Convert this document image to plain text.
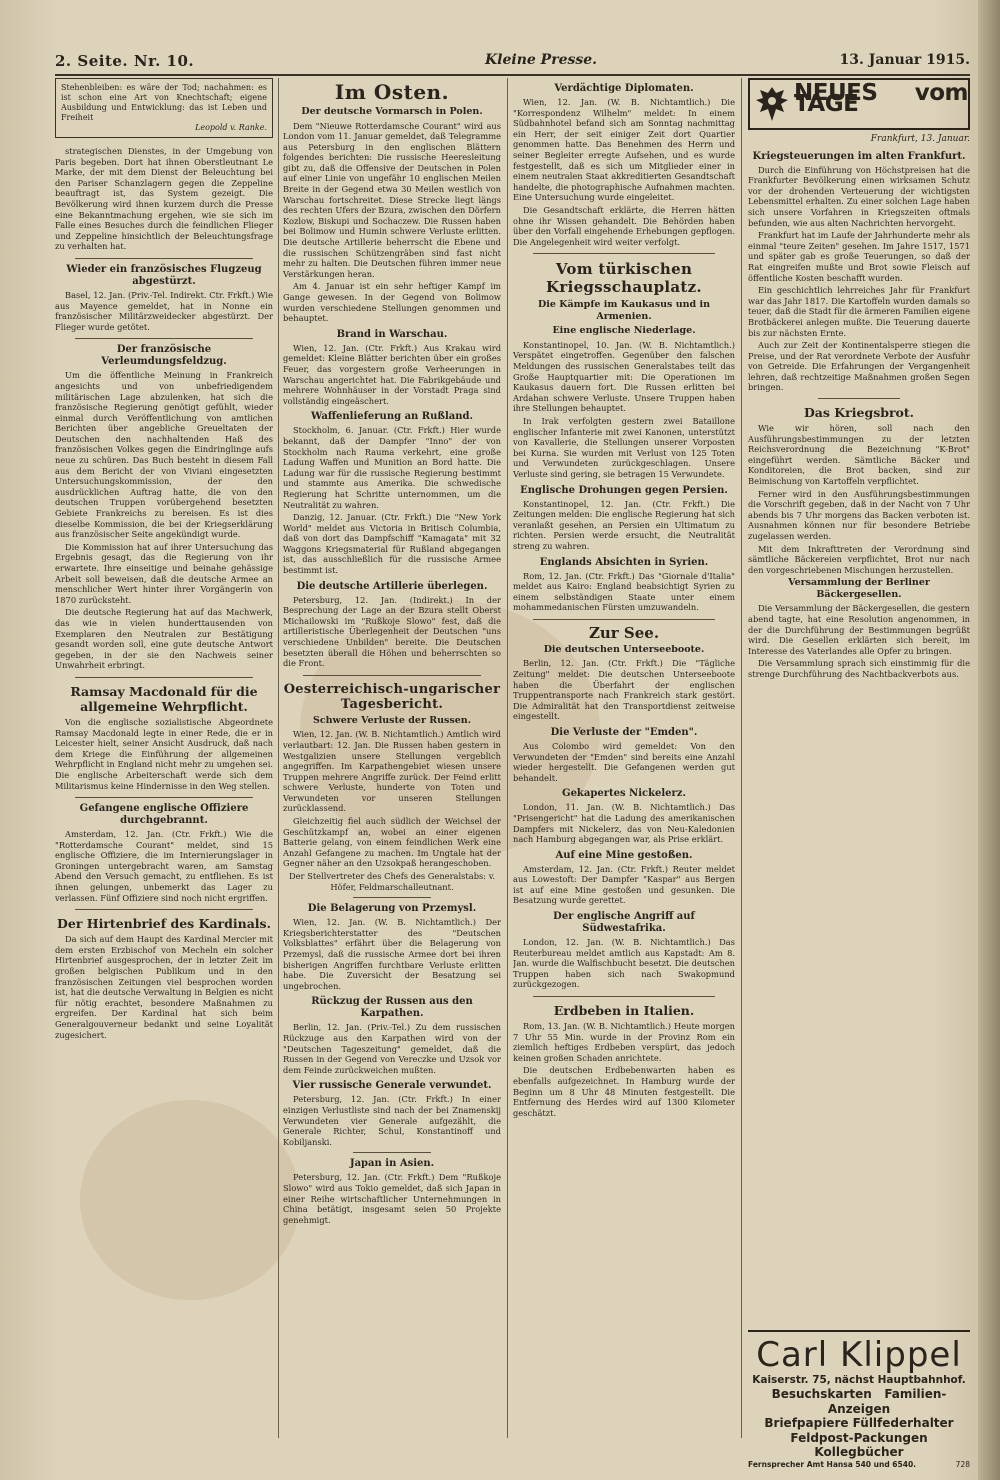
2. Seite. Nr. 10.	Kleine Presse.	13. Januar 1915.
Stehenbleiben: es wäre der Tod; nachahmen: es ist schon eine Art von Knechtschaft; eigene Ausbildung und Entwicklung: das ist Leben und Freiheit
Leopold v. Ranke.

strategischen Dienstes, in der Umgebung von Paris begeben. Dort hat ihnen Oberstleutnant Le Marke, der mit dem Dienst der Beleuchtung bei den Pariser Schanzlagern gegen die Zeppeline beauftragt ist, das System gezeigt. Die Bevölkerung wird ihnen kurzem durch die Presse eine Bekanntmachung ergehen, wie sie sich im Falle eines Besuches durch die feindlichen Flieger und Zeppeline hinsichtlich der Beleuchtungsfrage zu verhalten hat.

Wieder ein französisches Flugzeug abgestürzt.

Basel, 12. Jan. (Priv.-Tel. Indirekt. Ctr. Frkft.) Wie aus Mayence gemeldet, hat in Nonne ein französischer Militärzweidecker abgestürzt. Der Flieger wurde getötet.

Der französische Verleumdungsfeldzug.

Um die öffentliche Meinung in Frankreich angesichts und von unbefriedigendem militärischen Lage abzulenken, hat sich die französische Regierung genötigt gefühlt, wieder einmal durch Veröffentlichung von amtlichen Berichten über angebliche Greueltaten der Deutschen den nachhaltenden Haß des französischen Volkes gegen die Eindringlinge aufs neue zu schüren. Das Buch besteht in diesem Fall aus dem Bericht der von Viviani eingesetzten Untersuchungskommission, der den ausdrücklichen Auftrag hatte, die von den deutschen Truppen vorübergehend besetzten Gebiete Frankreichs zu bereisen. Es ist dies dieselbe Kommission, die bei der Kriegserklärung aus französischer Seite angekündigt wurde.

Die Kommission hat auf ihrer Untersuchung das Ergebnis gesagt, das die Regierung von ihr erwartete. Ihre einseitige und beinahe gehässige Arbeit soll beweisen, daß die deutsche Armee an menschlicher Wert hinter ihrer Vorgängerin von 1870 zurücksteht.

Die deutsche Regierung hat auf das Machwerk, das wie in vielen hunderttausenden von Exemplaren den Neutralen zur Bestätigung gesandt worden soll, eine gute deutsche Antwort gegeben, in der sie den Nachweis seiner Unwahrheit erbringt.

Ramsay Macdonald für die allgemeine Wehrpflicht.

Von die englische sozialistische Abgeordnete Ramsay Macdonald legte in einer Rede, die er in Leicester hielt, seiner Ansicht Ausdruck, daß nach dem Kriege die Einführung der allgemeinen Wehrpflicht in England nicht mehr zu umgehen sei. Die englische Arbeiterschaft werde sich dem Militarismus keine Hindernisse in den Weg stellen.

Gefangene englische Offiziere durchgebrannt.

Amsterdam, 12. Jan. (Ctr. Frkft.) Wie die "Rotterdamsche Courant" meldet, sind 15 englische Offiziere, die im Internierungslager in Groningen untergebracht waren, am Samstag Abend den Versuch gemacht, zu entfliehen. Es ist ihnen gelungen, unbemerkt das Lager zu verlassen. Fünf Offiziere sind noch nicht ergriffen.

Der Hirtenbrief des Kardinals.

Da sich auf dem Haupt des Kardinal Mercier mit dem ersten Erzbischof von Mecheln ein solcher Hirtenbrief ausgesprochen, der in letzter Zeit im großen belgischen Publikum und in den französischen Zeitungen viel besprochen worden ist, hat die deutsche Verwaltung in Belgien es nicht für nötig erachtet, besondere Maßnahmen zu ergreifen. Der Kardinal hat sich beim Generalgouverneur bedankt und seine Loyalität zugesichert.

Im Osten.
Der deutsche Vormarsch in Polen.

Dem "Nieuwe Rotterdamsche Courant" wird aus London vom 11. Januar gemeldet, daß Telegramme aus Petersburg in den englischen Blättern folgendes berichten: Die russische Heeresleitung gibt zu, daß die Offensive der Deutschen in Polen auf einer Linie von ungefähr 10 englischen Meilen Breite in der Gegend etwa 30 Meilen westlich von Warschau fortschreitet. Diese Strecke liegt längs des rechten Ufers der Bzura, zwischen den Dörfern Kozlow, Biskupi und Sochaczew. Die Russen haben bei Bolimow und Humin schwere Verluste erlitten. Die deutsche Artillerie beherrscht die Ebene und die russischen Schützengräben sind fast nicht mehr zu halten. Die Deutschen führen immer neue Verstärkungen heran.

Am 4. Januar ist ein sehr heftiger Kampf im Gange gewesen. In der Gegend von Bolimow wurden verschiedene Stellungen genommen und behauptet.

Brand in Warschau.

Wien, 12. Jan. (Ctr. Frkft.) Aus Krakau wird gemeldet: Kleine Blätter berichten über ein großes Feuer, das vorgestern große Verheerungen in Warschau angerichtet hat. Die Fabrikgebäude und mehrere Wohnhäuser in der Vorstadt Praga sind vollständig eingeäschert.

Waffenlieferung an Rußland.

Stockholm, 6. Januar. (Ctr. Frkft.) Hier wurde bekannt, daß der Dampfer "Inno" der von Stockholm nach Rauma verkehrt, eine große Ladung Waffen und Munition an Bord hatte. Die Ladung war für die russische Regierung bestimmt und stammte aus Amerika. Die schwedische Regierung hat Schritte unternommen, um die Neutralität zu wahren.

Danzig, 12. Januar. (Ctr. Frkft.) Die "New York World" meldet aus Victoria in Britisch Columbia, daß von dort das Dampfschiff "Kamagata" mit 32 Waggons Kriegsmaterial für Rußland abgegangen ist, das ausschließlich für die russische Armee bestimmt ist.

Die deutsche Artillerie überlegen.

Petersburg, 12. Jan. (Indirekt.) In der Besprechung der Lage an der Bzura stellt Oberst Michailowski im "Rußkoje Slowo" fest, daß die artilleristische Überlegenheit der Deutschen "uns verschiedene Unbilden" bereite. Die Deutschen besetzten überall die Höhen und beherrschten so die Front.

Oesterreichisch-ungarischer Tagesbericht.
Schwere Verluste der Russen.

Wien, 12. Jan. (W. B. Nichtamtlich.) Amtlich wird verlautbart: 12. Jan. Die Russen haben gestern in Westgalizien unsere Stellungen vergeblich angegriffen. Im Karpathengebiet wiesen unsere Truppen mehrere Angriffe zurück. Der Feind erlitt schwere Verluste, hunderte von Toten und Verwundeten vor unseren Stellungen zurücklassend.

Gleichzeitig fiel auch südlich der Weichsel der Geschützkampf an, wobei an einer eigenen Batterie gelang, von einem feindlichen Werk eine Anzahl Gefangene zu machen. Im Ungtale hat der Gegner näher an den Uzsokpaß herangeschoben.

Der Stellvertreter des Chefs des Generalstabs: v. Höfer, Feldmarschalleutnant.

Die Belagerung von Przemysl.

Wien, 12. Jan. (W. B. Nichtamtlich.) Der Kriegsberichterstatter des "Deutschen Volksblattes" erfährt über die Belagerung von Przemysl, daß die russische Armee dort bei ihren bisherigen Angriffen furchtbare Verluste erlitten habe. Die Zuversicht der Besatzung sei ungebrochen.

Rückzug der Russen aus den Karpathen.

Berlin, 12. Jan. (Priv.-Tel.) Zu dem russischen Rückzuge aus den Karpathen wird von der "Deutschen Tageszeitung" gemeldet, daß die Russen in der Gegend von Vereczke und Uzsok vor dem Feinde zurückweichen mußten.

Vier russische Generale verwundet.

Petersburg, 12. Jan. (Ctr. Frkft.) In einer einzigen Verlustliste sind nach der bei Znamenskij Verwundeten vier Generale aufgezählt, die Generale Richter, Schul, Konstantinoff und Kobiljanski.

Japan in Asien.

Petersburg, 12. Jan. (Ctr. Frkft.) Dem "Rußkoje Slowo" wird aus Tokio gemeldet, daß sich Japan in einer Reihe wirtschaftlicher Unternehmungen in China betätigt, insgesamt seien 50 Projekte genehmigt.

Verdächtige Diplomaten.

Wien, 12. Jan. (W. B. Nichtamtlich.) Die "Korrespondenz Wilhelm" meldet: In einem Südbahnhotel befand sich am Sonntag nachmittag ein Herr, der seit einiger Zeit dort Quartier genommen hatte. Das Benehmen des Herrn und seiner Begleiter erregte Aufsehen, und es wurde festgestellt, daß es sich um Mitglieder einer in einem neutralen Staat akkreditierten Gesandtschaft handelte, die photographische Aufnahmen machten. Eine Untersuchung wurde eingeleitet.

Die Gesandtschaft erklärte, die Herren hätten ohne ihr Wissen gehandelt. Die Behörden haben über den Vorfall eingehende Erhebungen gepflogen. Die Angelegenheit wird weiter verfolgt.

Vom türkischen Kriegsschauplatz.
Die Kämpfe im Kaukasus und in Armenien.
Eine englische Niederlage.

Konstantinopel, 10. Jan. (W. B. Nichtamtlich.) Verspätet eingetroffen. Gegenüber den falschen Meldungen des russischen Generalstabes teilt das Große Hauptquartier mit: Die Operationen im Kaukasus dauern fort. Die Russen erlitten bei Ardahan schwere Verluste. Unsere Truppen haben ihre Stellungen behauptet.

In Irak verfolgten gestern zwei Bataillone englischer Infanterie mit zwei Kanonen, unterstützt von Kavallerie, die Stellungen unserer Vorposten bei Kurna. Sie wurden mit Verlust von 125 Toten und Verwundeten zurückgeschlagen. Unsere Verluste sind gering, sie betragen 15 Verwundete.

Englische Drohungen gegen Persien.

Konstantinopel, 12. Jan. (Ctr. Frkft.) Die Zeitungen melden: Die englische Regierung hat sich veranlaßt gesehen, an Persien ein Ultimatum zu richten. Persien werde ersucht, die Neutralität streng zu wahren.

Englands Absichten in Syrien.

Rom, 12. Jan. (Ctr. Frkft.) Das "Giornale d'Italia" meldet aus Kairo: England beabsichtigt Syrien zu einem selbständigen Staate unter einem mohammedanischen Fürsten umzuwandeln.

Zur See.
Die deutschen Unterseeboote.

Berlin, 12. Jan. (Ctr. Frkft.) Die "Tägliche Zeitung" meldet: Die deutschen Unterseeboote haben die Überfahrt der englischen Truppentransporte nach Frankreich stark gestört. Die Admiralität hat den Transportdienst zeitweise eingestellt.

Die Verluste der "Emden".

Aus Colombo wird gemeldet: Von den Verwundeten der "Emden" sind bereits eine Anzahl wieder hergestellt. Die Gefangenen werden gut behandelt.

Gekapertes Nickelerz.

London, 11. Jan. (W. B. Nichtamtlich.) Das "Prisengericht" hat die Ladung des amerikanischen Dampfers mit Nickelerz, das von Neu-Kaledonien nach Hamburg abgegangen war, als Prise erklärt.

Auf eine Mine gestoßen.

Amsterdam, 12. Jan. (Ctr. Frkft.) Reuter meldet aus Lowestoft: Der Dampfer "Kaspar" aus Bergen ist auf eine Mine gestoßen und gesunken. Die Besatzung wurde gerettet.

Der englische Angriff auf Südwestafrika.

London, 12. Jan. (W. B. Nichtamtlich.) Das Reuterbureau meldet amtlich aus Kapstadt: Am 8. Jan. wurde die Walfischbucht besetzt. Die deutschen Truppen haben sich nach Swakopmund zurückgezogen.

Erdbeben in Italien.

Rom, 13. Jan. (W. B. Nichtamtlich.) Heute morgen 7 Uhr 55 Min. wurde in der Provinz Rom ein ziemlich heftiges Erdbeben verspürt, das jedoch keinen großen Schaden anrichtete.

Die deutschen Erdbebenwarten haben es ebenfalls aufgezeichnet. In Hamburg wurde der Beginn um 8 Uhr 48 Minuten festgestellt. Die Entfernung des Herdes wird auf 1300 Kilometer geschätzt.

NEUES vom TAGE
Frankfurt, 13. Januar.
Kriegsteuerungen im alten Frankfurt.

Durch die Einführung von Höchstpreisen hat die Frankfurter Bevölkerung einen wirksamen Schutz vor der drohenden Verteuerung der wichtigsten Lebensmittel erhalten. Zu einer solchen Lage haben sich unsere Vorfahren in Kriegszeiten oftmals befunden, wie aus alten Nachrichten hervorgeht.

Frankfurt hat im Laufe der Jahrhunderte mehr als einmal "teure Zeiten" gesehen. Im Jahre 1517, 1571 und später gab es große Teuerungen, so daß der Rat eingreifen mußte und Brot sowie Fleisch auf öffentliche Kosten beschafft wurden.

Ein geschichtlich lehrreiches Jahr für Frankfurt war das Jahr 1817. Die Kartoffeln wurden damals so teuer, daß die Stadt für die ärmeren Familien eigene Brotbäckerei anlegen mußte. Die Teuerung dauerte bis zur nächsten Ernte.

Auch zur Zeit der Kontinentalsperre stiegen die Preise, und der Rat verordnete Verbote der Ausfuhr von Getreide. Die Erfahrungen der Vergangenheit lehren, daß rechtzeitige Maßnahmen großen Segen bringen.

Das Kriegsbrot.

Wie wir hören, soll nach den Ausführungsbestimmungen zu der letzten Reichsverordnung die Bezeichnung "K-Brot" eingeführt werden. Sämtliche Bäcker und Konditoreien, die Brot backen, sind zur Beimischung von Kartoffeln verpflichtet.

Ferner wird in den Ausführungsbestimmungen die Vorschrift gegeben, daß in der Nacht von 7 Uhr abends bis 7 Uhr morgens das Backen verboten ist. Ausnahmen können nur für besondere Betriebe zugelassen werden.

Mit dem Inkrafttreten der Verordnung sind sämtliche Bäckereien verpflichtet, Brot nur nach den vorgeschriebenen Mischungen herzustellen.

Versammlung der Berliner Bäckergesellen.

Die Versammlung der Bäckergesellen, die gestern abend tagte, hat eine Resolution angenommen, in der die Durchführung der Bestimmungen begrüßt wird. Die Gesellen erklärten sich bereit, im Interesse des Vaterlandes alle Opfer zu bringen.

Die Versammlung sprach sich einstimmig für die strenge Durchführung des Nachtbackverbots aus.

Carl Klippel
Kaiserstr. 75, nächst Hauptbahnhof.
Besuchskarten Familien-Anzeigen
Briefpapiere Füllfederhalter
Feldpost-Packungen Kollegbücher
Fernsprecher Amt Hansa 540 und 6540.	728
